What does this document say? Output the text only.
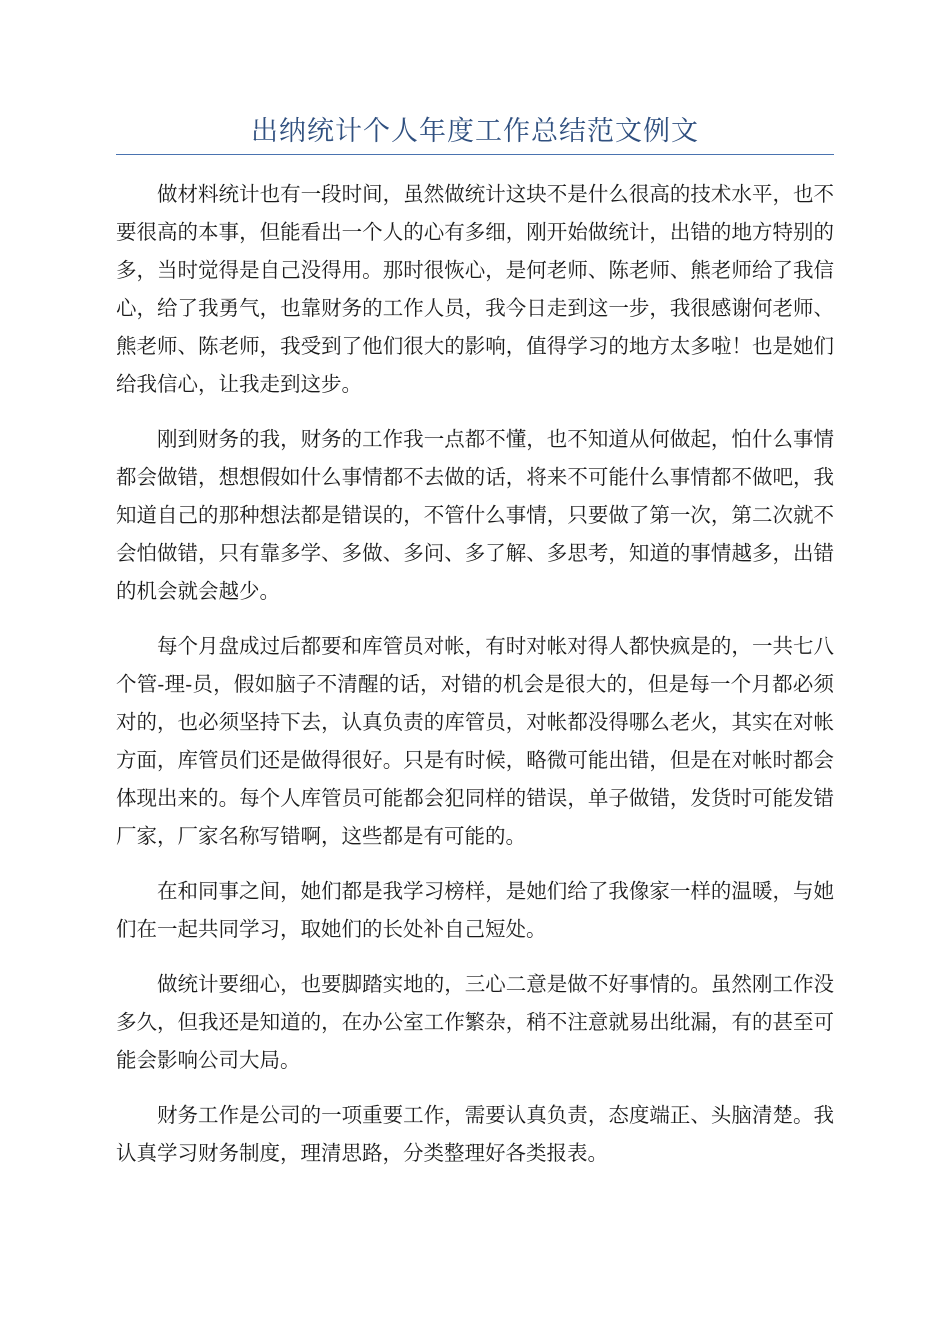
出纳统计个人年度工作总结范文例文

做材料统计也有一段时间，虽然做统计这块不是什么很高的技术水平，也不要很高的本事，但能看出一个人的心有多细，刚开始做统计，出错的地方特别的多，当时觉得是自己没得用。那时很恢心，是何老师、陈老师、熊老师给了我信心，给了我勇气，也靠财务的工作人员，我今日走到这一步，我很感谢何老师、熊老师、陈老师，我受到了他们很大的影响，值得学习的地方太多啦！也是她们给我信心，让我走到这步。

刚到财务的我，财务的工作我一点都不懂，也不知道从何做起，怕什么事情都会做错，想想假如什么事情都不去做的话，将来不可能什么事情都不做吧，我知道自己的那种想法都是错误的，不管什么事情，只要做了第一次，第二次就不会怕做错，只有靠多学、多做、多问、多了解、多思考，知道的事情越多，出错的机会就会越少。

每个月盘成过后都要和库管员对帐，有时对帐对得人都快疯是的，一共七八个管-理-员，假如脑子不清醒的话，对错的机会是很大的，但是每一个月都必须对的，也必须坚持下去，认真负责的库管员，对帐都没得哪么老火，其实在对帐方面，库管员们还是做得很好。只是有时候，略微可能出错，但是在对帐时都会体现出来的。每个人库管员可能都会犯同样的错误，单子做错，发货时可能发错厂家，厂家名称写错啊，这些都是有可能的。

在和同事之间，她们都是我学习榜样，是她们给了我像家一样的温暖，与她们在一起共同学习，取她们的长处补自己短处。

做统计要细心，也要脚踏实地的，三心二意是做不好事情的。虽然刚工作没多久，但我还是知道的，在办公室工作繁杂，稍不注意就易出纰漏，有的甚至可能会影响公司大局。

财务工作是公司的一项重要工作，需要认真负责，态度端正、头脑清楚。我认真学习财务制度，理清思路，分类整理好各类报表。
